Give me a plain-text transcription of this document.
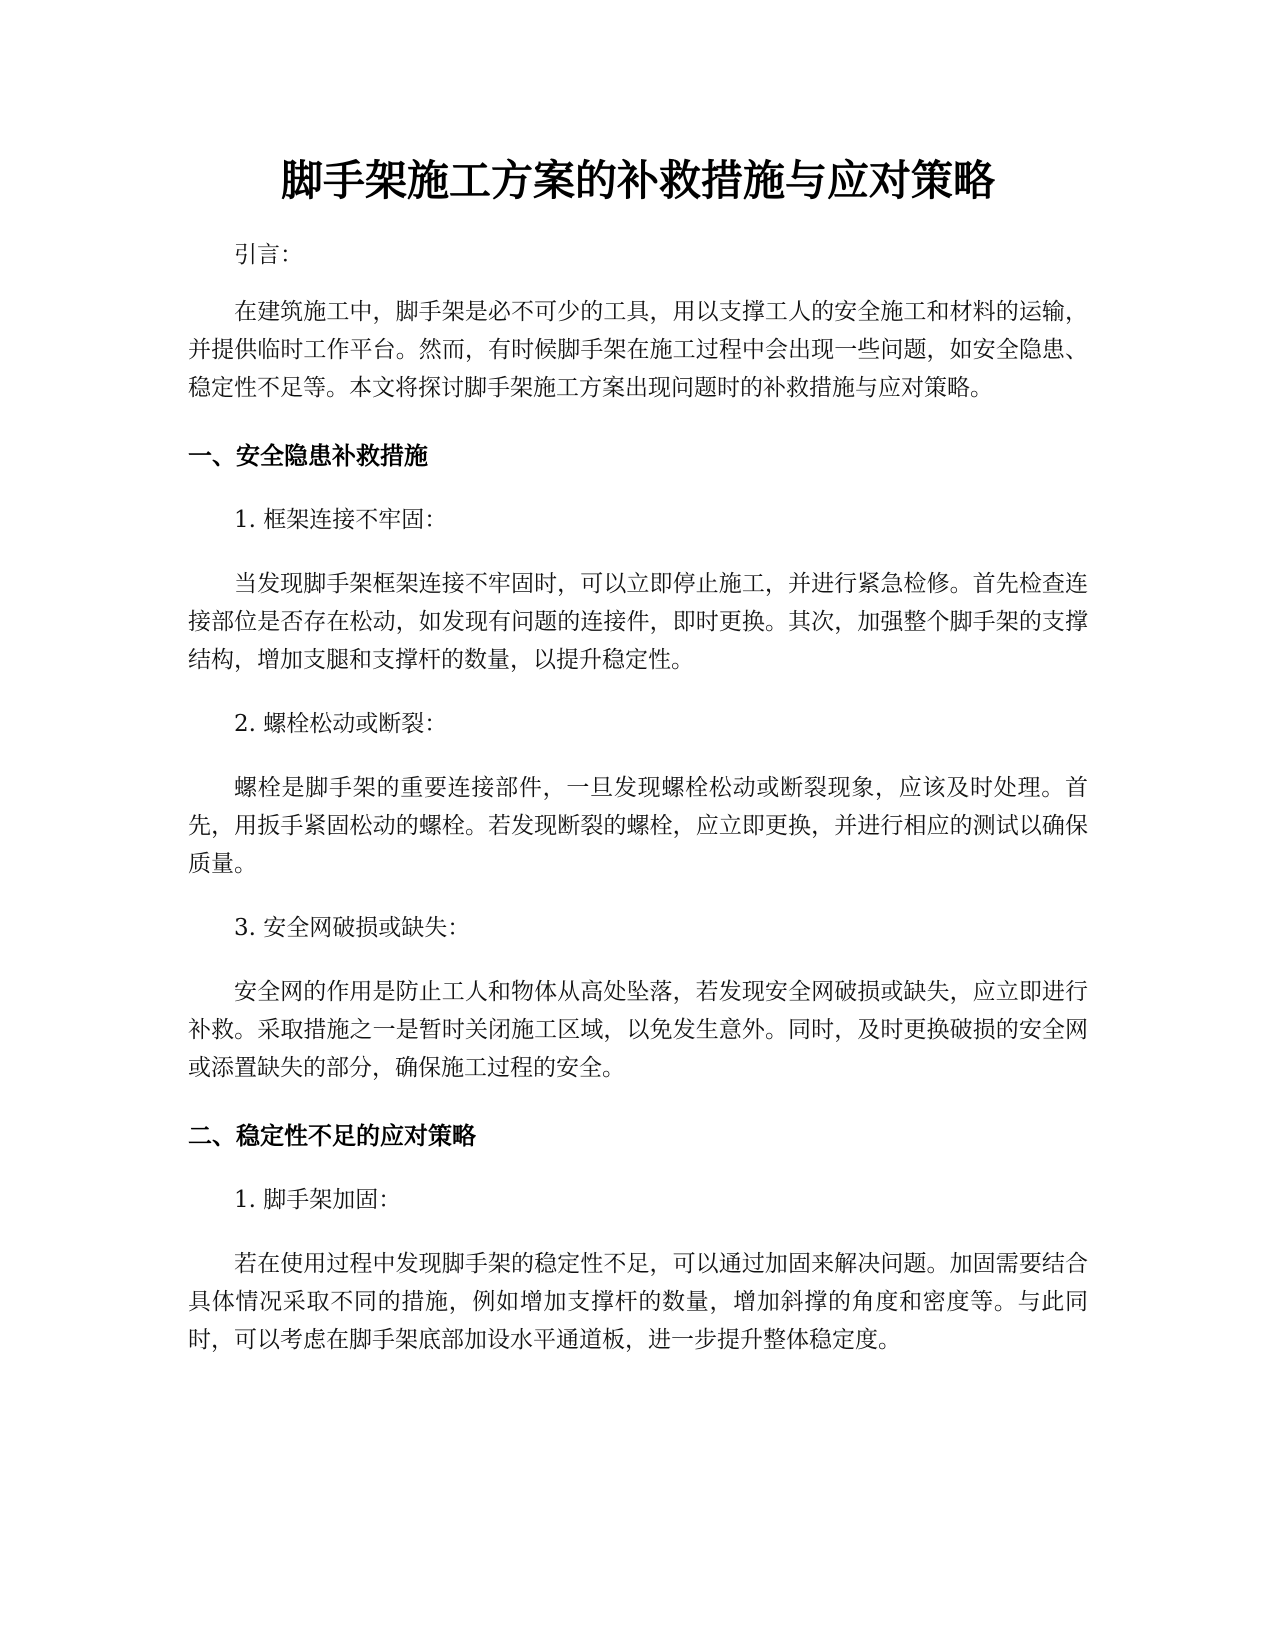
脚手架施工方案的补救措施与应对策略

引言：

在建筑施工中，脚手架是必不可少的工具，用以支撑工人的安全施工和材料的运输，并提供临时工作平台。然而，有时候脚手架在施工过程中会出现一些问题，如安全隐患、稳定性不足等。本文将探讨脚手架施工方案出现问题时的补救措施与应对策略。

一、安全隐患补救措施

1. 框架连接不牢固：

当发现脚手架框架连接不牢固时，可以立即停止施工，并进行紧急检修。首先检查连接部位是否存在松动，如发现有问题的连接件，即时更换。其次，加强整个脚手架的支撑结构，增加支腿和支撑杆的数量，以提升稳定性。

2. 螺栓松动或断裂：

螺栓是脚手架的重要连接部件，一旦发现螺栓松动或断裂现象，应该及时处理。首先，用扳手紧固松动的螺栓。若发现断裂的螺栓，应立即更换，并进行相应的测试以确保质量。

3. 安全网破损或缺失：

安全网的作用是防止工人和物体从高处坠落，若发现安全网破损或缺失，应立即进行补救。采取措施之一是暂时关闭施工区域，以免发生意外。同时，及时更换破损的安全网或添置缺失的部分，确保施工过程的安全。

二、稳定性不足的应对策略

1. 脚手架加固：

若在使用过程中发现脚手架的稳定性不足，可以通过加固来解决问题。加固需要结合具体情况采取不同的措施，例如增加支撑杆的数量，增加斜撑的角度和密度等。与此同时，可以考虑在脚手架底部加设水平通道板，进一步提升整体稳定度。
